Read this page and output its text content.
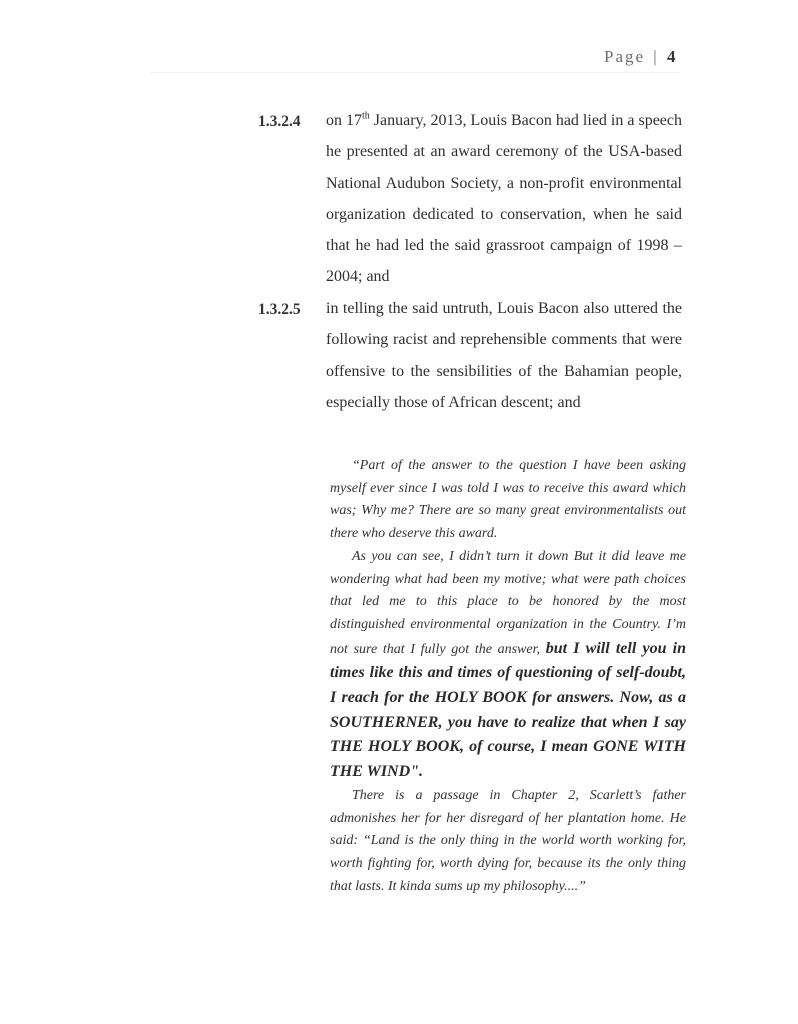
Page | 4
1.3.2.4	on 17th January, 2013, Louis Bacon had lied in a speech he presented at an award ceremony of the USA-based National Audubon Society, a non-profit environmental organization dedicated to conservation, when he said that he had led the said grassroot campaign of 1998 – 2004; and
1.3.2.5	in telling the said untruth, Louis Bacon also uttered the following racist and reprehensible comments that were offensive to the sensibilities of the Bahamian people, especially those of African descent; and

“Part of the answer to the question I have been asking myself ever since I was told I was to receive this award which was; Why me? There are so many great environmentalists out there who deserve this award.

As you can see, I didn’t turn it down But it did leave me wondering what had been my motive; what were path choices that led me to this place to be honored by the most distinguished environmental organization in the Country. I’m not sure that I fully got the answer, but I will tell you in times like this and times of questioning of self-doubt, I reach for the HOLY BOOK for answers. Now, as a SOUTHERNER, you have to realize that when I say THE HOLY BOOK, of course, I mean GONE WITH THE WIND".

There is a passage in Chapter 2, Scarlett’s father admonishes her for her disregard of her plantation home. He said: “Land is the only thing in the world worth working for, worth fighting for, worth dying for, because its the only thing that lasts. It kinda sums up my philosophy....”
